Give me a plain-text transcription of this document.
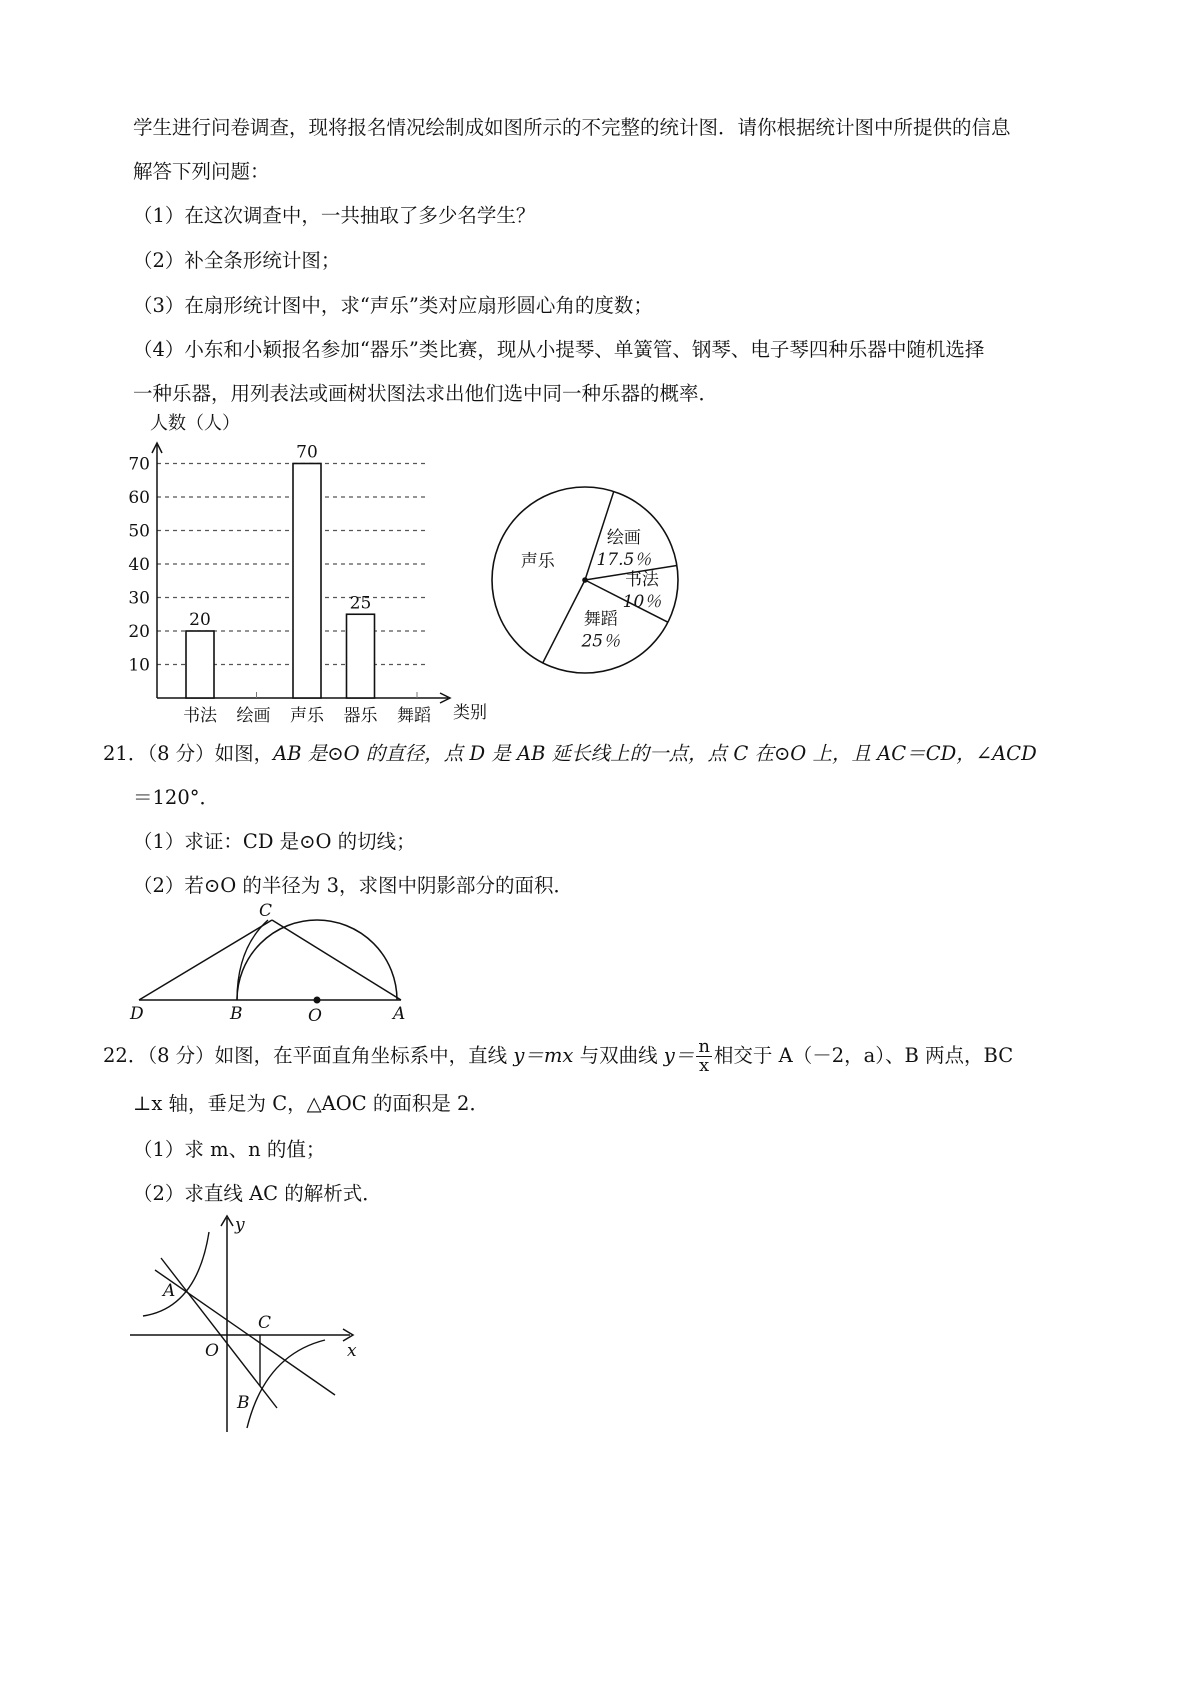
学生进行问卷调查，现将报名情况绘制成如图所示的不完整的统计图．请你根据统计图中所提供的信息
解答下列问题：
（1）在这次调查中，一共抽取了多少名学生？
（2）补全条形统计图；
（3）在扇形统计图中，求“声乐”类对应扇形圆心角的度数；
（4）小东和小颖报名参加“器乐”类比赛，现从小提琴、单簧管、钢琴、电子琴四种乐器中随机选择
一种乐器，用列表法或画树状图法求出他们选中同一种乐器的概率．
10
20
30
40
50
60
70
人数（人）
类别
书法
20
绘画 声乐
70
器乐
25
舞蹈
绘画
17.5％
书法
10％
舞蹈
25％
声乐
21．（8 分）如图，AB 是⊙O 的直径，点 D 是 AB 延长线上的一点，点 C 在⊙O 上，且 AC＝CD，∠ACD
＝120°．
（1）求证：CD 是⊙O 的切线；
（2）若⊙O 的半径为 3，求图中阴影部分的面积．
C
D	B	O	A
22．（8 分）如图，在平面直角坐标系中，直线 y＝mx 与双曲线 $y= \frac{n}{x}$ 相交于 A（－2，a）、B 两点，BC
⊥x 轴，垂足为 C，△AOC 的面积是 2．
（1）求 m、n 的值；
（2）求直线 AC 的解析式．
y
x
A
C
O
B
